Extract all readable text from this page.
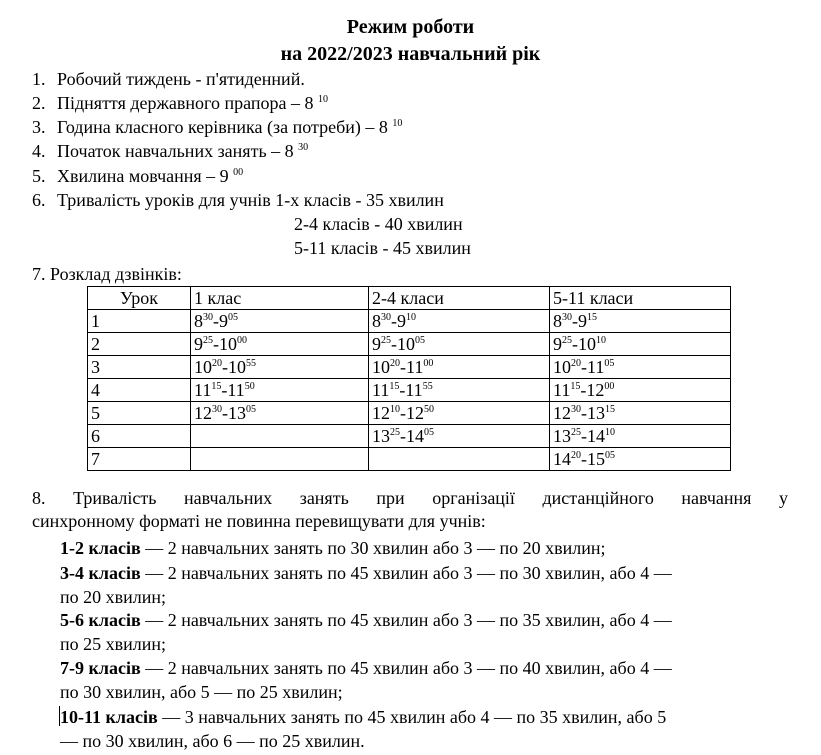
Режим роботи
на 2022/2023 навчальний рік
1. Робочий тиждень - п'ятиденний.
2. Підняття державного прапора – 8 $^{10}$
3. Година класного керівника (за потреби) – 8 $^{10}$
4. Початок навчальних занять – 8 $^{30}$
5. Хвилина мовчання – 9 $^{00}$
6. Тривалість уроків для учнів 1-х класів - 35 хвилин
2-4 класів - 40 хвилин
5-11 класів - 45 хвилин
7. Розклад дзвінків:
Урок	1 клас	2-4 класи	5-11 класи
1	$8^{30}-9^{05}$	$8^{30}-9^{10}$	$8^{30}-9^{15}$
2	$9^{25}-10^{00}$	$9^{25}-10^{05}$	$9^{25}-10^{10}$
3	$10^{20}-10^{55}$	$10^{20}-11^{00}$	$10^{20}-11^{05}$
4	$11^{15}-11^{50}$	$11^{15}-11^{55}$	$11^{15}-12^{00}$
5	$12^{30}-13^{05}$	$12^{10}-12^{50}$	$12^{30}-13^{15}$
6		$13^{25}-14^{05}$	$13^{25}-14^{10}$
7			$14^{20}-15^{05}$
8. Тривалість навчальних занять при організації дистанційного навчання у
синхронному форматі не повинна перевищувати для учнів:
1-2 класів — 2 навчальних занять по 30 хвилин або 3 — по 20 хвилин;
3-4 класів — 2 навчальних занять по 45 хвилин або 3 — по 30 хвилин, або 4 —
по 20 хвилин;
5-6 класів — 2 навчальних занять по 45 хвилин або 3 — по 35 хвилин, або 4 —
по 25 хвилин;
7-9 класів — 2 навчальних занять по 45 хвилин або 3 — по 40 хвилин, або 4 —
по 30 хвилин, або 5 — по 25 хвилин;
10-11 класів — 3 навчальних занять по 45 хвилин або 4 — по 35 хвилин, або 5
— по 30 хвилин, або 6 — по 25 хвилин.
